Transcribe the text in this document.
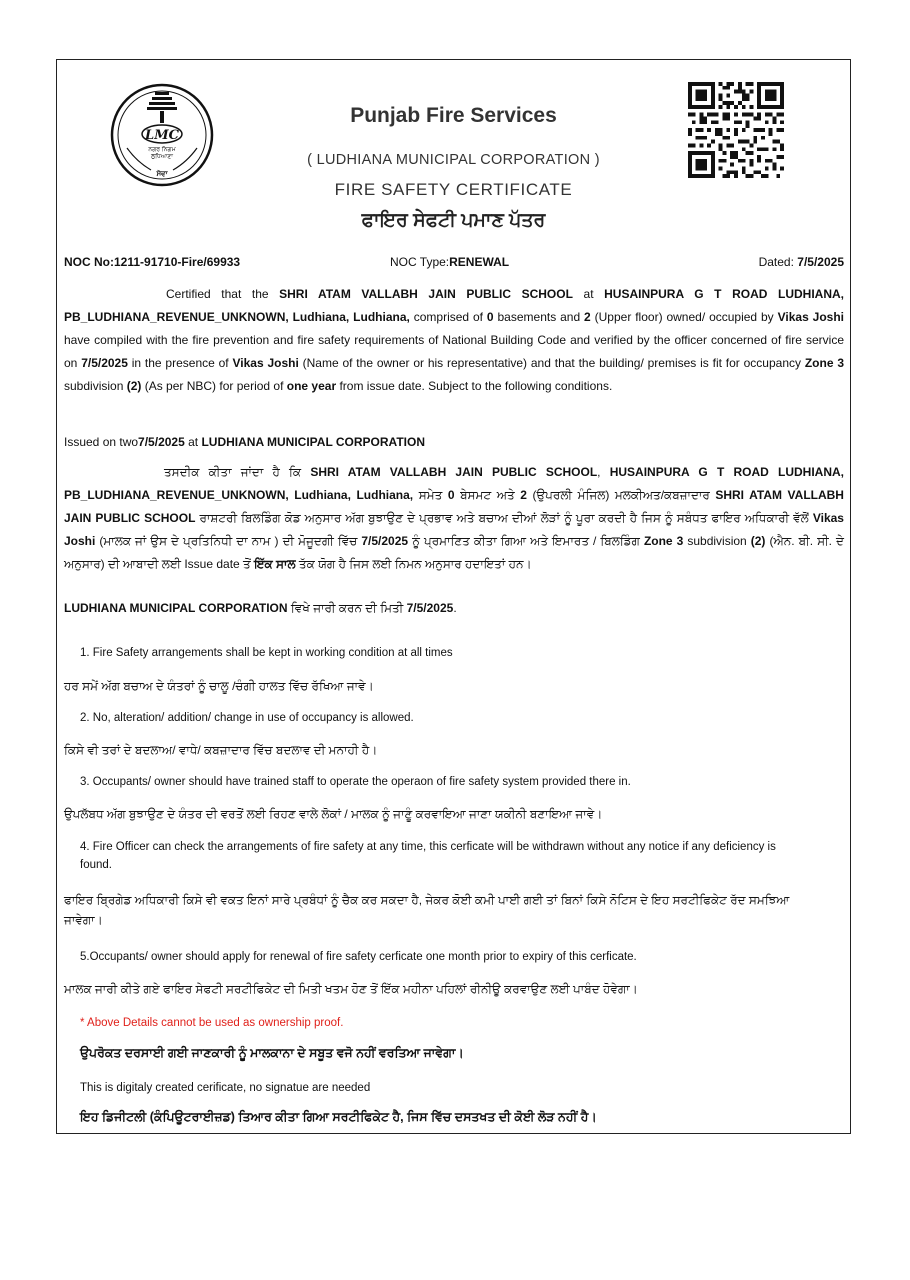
LMC
ਨਗਰ ਨਿਗਮ
ਲੁਧਿਆਣਾ
ਸੇਵਾ
Punjab Fire Services
( LUDHIANA MUNICIPAL CORPORATION )
FIRE SAFETY CERTIFICATE
ਫਾਇਰ ਸੇਫਟੀ ਪਮਾਣ ਪੱਤਰ
NOC No:1211-91710-Fire/69933	NOC Type:RENEWAL	Dated: 7/5/2025
Certified that the SHRI ATAM VALLABH JAIN PUBLIC SCHOOL at HUSAINPURA G T ROAD LUDHIANA, PB_LUDHIANA_REVENUE_UNKNOWN, Ludhiana, Ludhiana, comprised of 0 basements and 2 (Upper floor) owned/ occupied by Vikas Joshi have compiled with the fire prevention and fire safety requirements of National Building Code and verified by the officer concerned of fire service on 7/5/2025 in the presence of Vikas Joshi (Name of the owner or his representative) and that the building/ premises is fit for occupancy Zone 3 subdivision (2) (As per NBC) for period of one year from issue date. Subject to the following conditions.
Issued on two7/5/2025 at LUDHIANA MUNICIPAL CORPORATION
ਤਸਦੀਕ ਕੀਤਾ ਜਾਂਦਾ ਹੈ ਕਿ SHRI ATAM VALLABH JAIN PUBLIC SCHOOL, HUSAINPURA G T ROAD LUDHIANA, PB_LUDHIANA_REVENUE_UNKNOWN, Ludhiana, Ludhiana, ਸਮੇਤ 0 ਬੇਸਮਟ ਅਤੇ 2 (ਉਪਰਲੀ ਮੰਜਿਲ) ਮਲਕੀਅਤ/ਕਬਜ਼ਾਦਾਰ SHRI ATAM VALLABH JAIN PUBLIC SCHOOL ਰਾਸ਼ਟਰੀ ਬਿਲਡਿੰਗ ਕੋਡ ਅਨੁਸਾਰ ਅੱਗ ਬੁਝਾਉਣ ਦੇ ਪ੍ਰਭਾਵ ਅਤੇ ਬਚਾਅ ਦੀਆਂ ਲੋੜਾਂ ਨੂੰ ਪੂਰਾ ਕਰਦੀ ਹੈ ਜਿਸ ਨੂੰ ਸਬੰਧਤ ਫਾਇਰ ਅਧਿਕਾਰੀ ਵੱਲੋਂ Vikas Joshi (ਮਾਲਕ ਜਾਂ ਉਸ ਦੇ ਪ੍ਰਤਿਨਿਧੀ ਦਾ ਨਾਮ ) ਦੀ ਮੋਜੂਦਗੀ ਵਿੱਚ 7/5/2025 ਨੂੰ ਪ੍ਰਮਾਣਿਤ ਕੀਤਾ ਗਿਆ ਅਤੇ ਇਮਾਰਤ / ਬਿਲਡਿੰਗ Zone 3 subdivision (2) (ਐਨ. ਬੀ. ਸੀ. ਦੇ ਅਨੁਸਾਰ) ਦੀ ਆਬਾਦੀ ਲਈ Issue date ਤੋਂ ਇੱਕ ਸਾਲ ਤੱਕ ਯੋਗ ਹੈ ਜਿਸ ਲਈ ਨਿਮਨ ਅਨੁਸਾਰ ਹਦਾਇਤਾਂ ਹਨ।
LUDHIANA MUNICIPAL CORPORATION ਵਿਖੇ ਜਾਰੀ ਕਰਨ ਦੀ ਮਿਤੀ 7/5/2025.
1. Fire Safety arrangements shall be kept in working condition at all times
ਹਰ ਸਮੇਂ ਅੱਗ ਬਚਾਅ ਦੇ ਯੰਤਰਾਂ ਨੂੰ ਚਾਲੂ /ਚੰਗੀ ਹਾਲਤ ਵਿੱਚ ਰੱਖਿਆ ਜਾਵੇ।
2. No, alteration/ addition/ change in use of occupancy is allowed.
ਕਿਸੇ ਵੀ ਤਰਾਂ ਦੇ ਬਦਲਾਅ/ ਵਾਧੇ/ ਕਬਜ਼ਾਦਾਰ ਵਿੱਚ ਬਦਲਾਵ ਦੀ ਮਨਾਹੀ ਹੈ।
3. Occupants/ owner should have trained staff to operate the operaon of fire safety system provided there in.
ਉਪਲੱਬਧ ਅੱਗ ਬੁਝਾਉਣ ਦੇ ਯੰਤਰ ਦੀ ਵਰਤੋਂ ਲਈ ਰਿਹਣ ਵਾਲੇ ਲੋਕਾਂ / ਮਾਲਕ ਨੂੰ ਜਾਣੂੰ ਕਰਵਾਇਆ ਜਾਣਾ ਯਕੀਨੀ ਬਣਾਇਆ ਜਾਵੇ।
4. Fire Officer can check the arrangements of fire safety at any time, this cerficate will be withdrawn without any notice if any deficiency is found.
ਫਾਇਰ ਬ੍ਰਿਗੇਡ ਅਧਿਕਾਰੀ ਕਿਸੇ ਵੀ ਵਕਤ ਇਨਾਂ ਸਾਰੇ ਪ੍ਰਬੰਧਾਂ ਨੂੰ ਚੈਕ ਕਰ ਸਕਦਾ ਹੈ, ਜੇਕਰ ਕੋਈ ਕਮੀ ਪਾਈ ਗਈ ਤਾਂ ਬਿਨਾਂ ਕਿਸੇ ਨੋਟਿਸ ਦੇ ਇਹ ਸਰਟੀਫਿਕੇਟ ਰੱਦ ਸਮਝਿਆ ਜਾਵੇਗਾ।
5.Occupants/ owner should apply for renewal of fire safety cerficate one month prior to expiry of this cerficate.
ਮਾਲਕ ਜਾਰੀ ਕੀਤੇ ਗਏ ਫਾਇਰ ਸੇਫਟੀ ਸਰਟੀਫਿਕੇਟ ਦੀ ਮਿਤੀ ਖਤਮ ਹੋਣ ਤੋਂ ਇੱਕ ਮਹੀਨਾ ਪਹਿਲਾਂ ਰੀਨੀਊ ਕਰਵਾਉਣ ਲਈ ਪਾਬੰਦ ਹੋਵੇਗਾ।
* Above Details cannot be used as ownership proof.
ਉਪਰੋਕਤ ਦਰਸਾਈ ਗਈ ਜਾਣਕਾਰੀ ਨੂੰ ਮਾਲਕਾਨਾ ਦੇ ਸਬੂਤ ਵਜੋ ਨਹੀਂ ਵਰਤਿਆ ਜਾਵੇਗਾ।
This is digitaly created cerificate, no signatue are needed
ਇਹ ਡਿਜੀਟਲੀ (ਕੰਪਿਊਟਰਾਈਜ਼ਡ) ਤਿਆਰ ਕੀਤਾ ਗਿਆ ਸਰਟੀਫਿਕੇਟ ਹੈ, ਜਿਸ ਵਿੱਚ ਦਸਤਖਤ ਦੀ ਕੋਈ ਲੋੜ ਨਹੀਂ ਹੈ।
